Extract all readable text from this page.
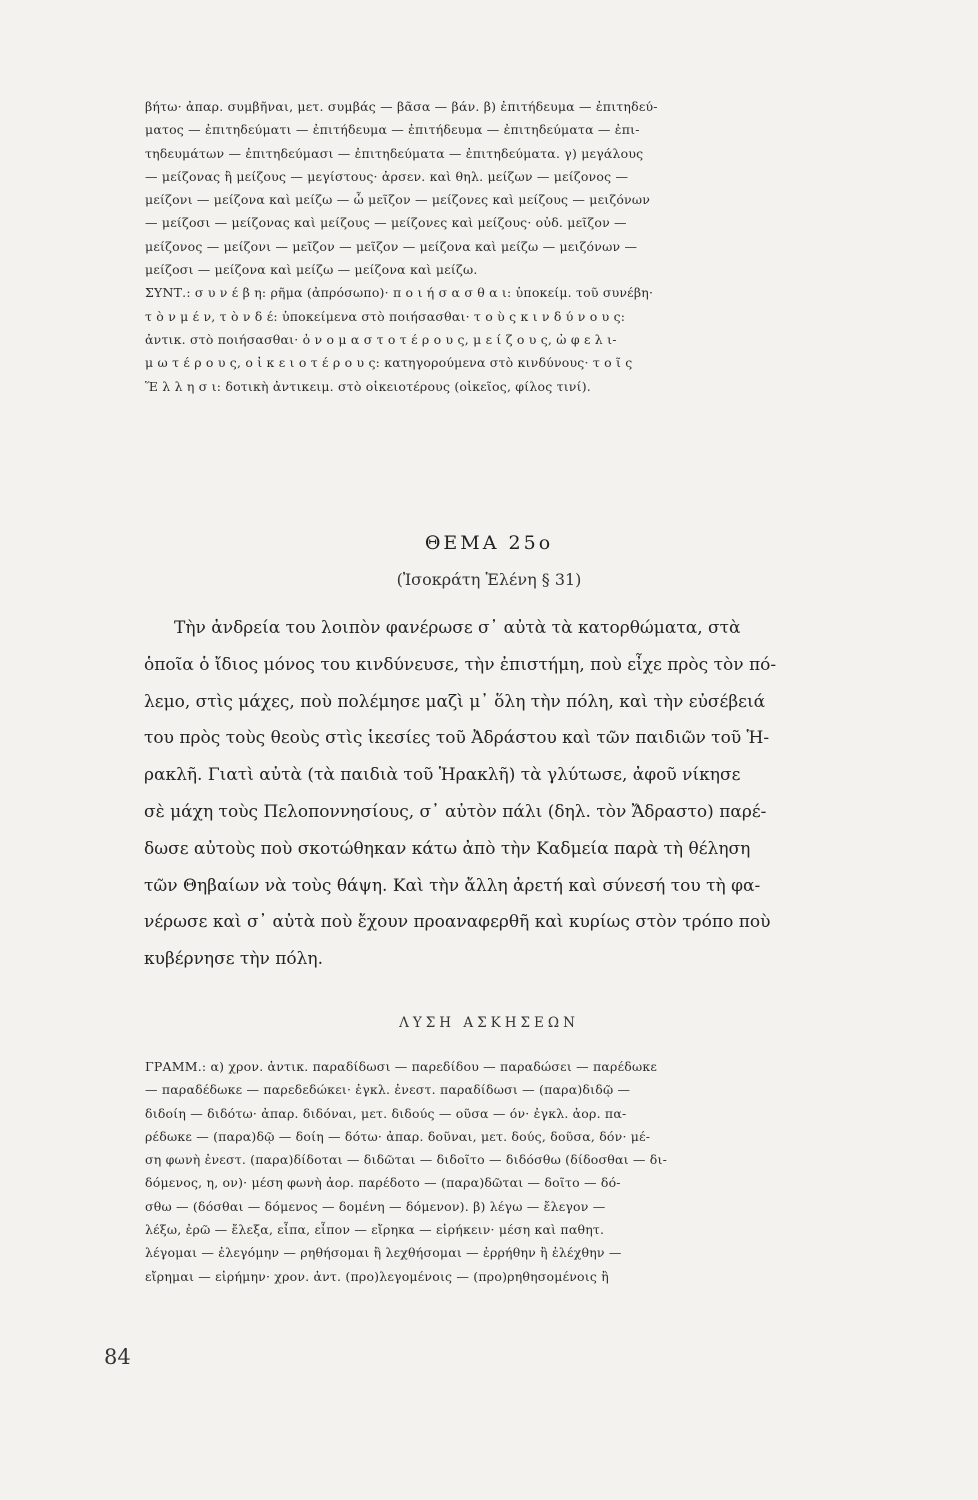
βήτω· ἀπαρ. συμβῆναι, μετ. συμβάς — βᾶσα — βάν. β) ἐπιτήδευμα — ἐπιτηδεύ-
ματος — ἐπιτηδεύματι — ἐπιτήδευμα — ἐπιτήδευμα — ἐπιτηδεύματα — ἐπι-
τηδευμάτων — ἐπιτηδεύμασι — ἐπιτηδεύματα — ἐπιτηδεύματα. γ) μεγάλους
— μείζονας ἢ μείζους — μεγίστους· ἀρσεν. καὶ θηλ. μείζων — μείζονος —
μείζονι — μείζονα καὶ μείζω — ὦ μεῖζον — μείζονες καὶ μείζους — μειζόνων
— μείζοσι — μείζονας καὶ μείζους — μείζονες καὶ μείζους· οὐδ. μεῖζον —
μείζονος — μείζονι — μεῖζον — μεῖζον — μείζονα καὶ μείζω — μειζόνων —
μείζοσι — μείζονα καὶ μείζω — μείζονα καὶ μείζω.
ΣΥΝΤ.: σ υ ν έ β η: ρῆμα (ἀπρόσωπο)· π ο ι ή σ α σ θ α ι: ὑποκείμ. τοῦ συνέβη·
τ ὸ ν μ έ ν, τ ὸ ν δ έ: ὑποκείμενα στὸ ποιήσασθαι· τ ο ὺ ς κ ι ν δ ύ ν ο υ ς:
ἀντικ. στὸ ποιήσασθαι· ὀ ν ο μ α σ τ ο τ έ ρ ο υ ς, μ ε ί ζ ο υ ς, ὠ φ ε λ ι-
μ ω τ έ ρ ο υ ς, ο ἰ κ ε ι ο τ έ ρ ο υ ς: κατηγορούμενα στὸ κινδύνους· τ ο ῖ ς
Ἕ λ λ η σ ι: δοτικὴ ἀντικειμ. στὸ οἰκειοτέρους (οἰκεῖος, φίλος τινί).
ΘΕΜΑ 25ο
(Ἰσοκράτη Ἑλένη § 31)
Τὴν ἀνδρεία του λοιπὸν φανέρωσε σ᾽ αὐτὰ τὰ κατορθώματα, στὰ
ὁποῖα ὁ ἴδιος μόνος του κινδύνευσε, τὴν ἐπιστήμη, ποὺ εἶχε πρὸς τὸν πό-
λεμο, στὶς μάχες, ποὺ πολέμησε μαζὶ μ᾽ ὅλη τὴν πόλη, καὶ τὴν εὐσέβειά
του πρὸς τοὺς θεοὺς στὶς ἱκεσίες τοῦ Ἀδράστου καὶ τῶν παιδιῶν τοῦ Ἡ-
ρακλῆ. Γιατὶ αὐτὰ (τὰ παιδιὰ τοῦ Ἡρακλῆ) τὰ γλύτωσε, ἀφοῦ νίκησε
σὲ μάχη τοὺς Πελοποννησίους, σ᾽ αὐτὸν πάλι (δηλ. τὸν Ἄδραστο) παρέ-
δωσε αὐτοὺς ποὺ σκοτώθηκαν κάτω ἀπὸ τὴν Καδμεία παρὰ τὴ θέληση
τῶν Θηβαίων νὰ τοὺς θάψη. Καὶ τὴν ἄλλη ἀρετή καὶ σύνεσή του τὴ φα-
νέρωσε καὶ σ᾽ αὐτὰ ποὺ ἔχουν προαναφερθῆ καὶ κυρίως στὸν τρόπο ποὺ
κυβέρνησε τὴν πόλη.
ΛΥΣΗ ΑΣΚΗΣΕΩΝ
ΓΡΑΜΜ.: α) χρον. ἀντικ. παραδίδωσι — παρεδίδου — παραδώσει — παρέδωκε
— παραδέδωκε — παρεδεδώκει· ἐγκλ. ἐνεστ. παραδίδωσι — (παρα)διδῷ —
διδοίη — διδότω· ἀπαρ. διδόναι, μετ. διδούς — οῦσα — όν· ἐγκλ. ἀορ. πα-
ρέδωκε — (παρα)δῷ — δοίη — δότω· ἀπαρ. δοῦναι, μετ. δούς, δοῦσα, δόν· μέ-
ση φωνὴ ἐνεστ. (παρα)δίδοται — διδῶται — διδοῖτο — διδόσθω (δίδοσθαι — δι-
δόμενος, η, ον)· μέση φωνὴ ἀορ. παρέδοτο — (παρα)δῶται — δοῖτο — δό-
σθω — (δόσθαι — δόμενος — δομένη — δόμενον). β) λέγω — ἔλεγον —
λέξω, ἐρῶ — ἔλεξα, εἶπα, εἶπον — εἴρηκα — εἰρήκειν· μέση καὶ παθητ.
λέγομαι — ἐλεγόμην — ρηθήσομαι ἢ λεχθήσομαι — ἐρρήθην ἢ ἐλέχθην —
εἴρημαι — εἰρήμην· χρον. ἀντ. (προ)λεγομένοις — (προ)ρηθησομένοις ἢ
84
